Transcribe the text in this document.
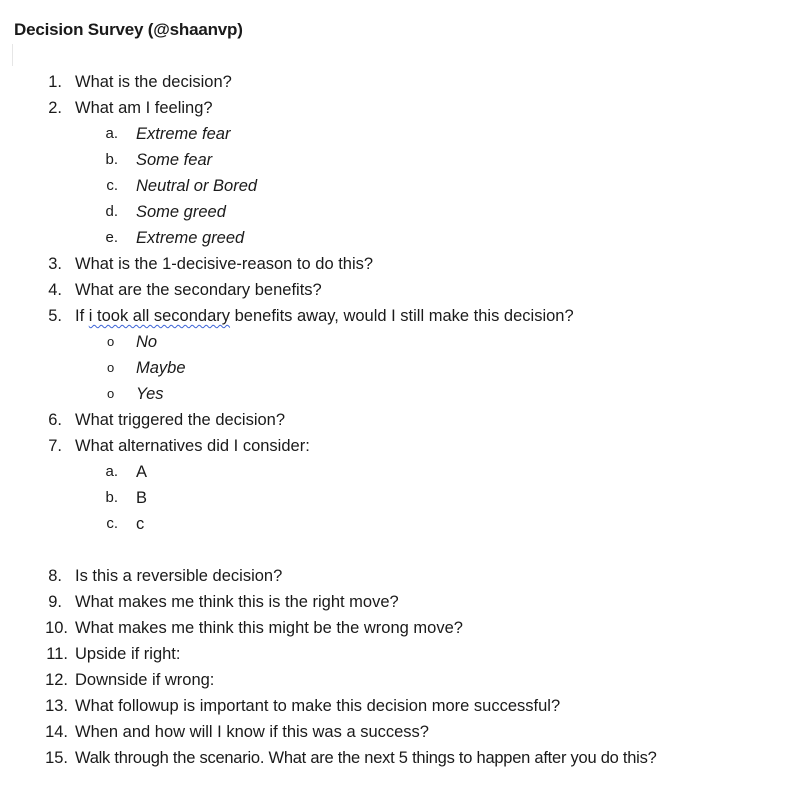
Decision Survey (@shaanvp)
1. What is the decision?
2. What am I feeling?
a. Extreme fear
b. Some fear
c. Neutral or Bored
d. Some greed
e. Extreme greed
3. What is the 1-decisive-reason to do this?
4. What are the secondary benefits?
5. If i took all secondary benefits away, would I still make this decision?
o No
o Maybe
o Yes
6. What triggered the decision?
7. What alternatives did I consider:
a. A
b. B
c. c
8. Is this a reversible decision?
9. What makes me think this is the right move?
10. What makes me think this might be the wrong move?
11. Upside if right:
12. Downside if wrong:
13. What followup is important to make this decision more successful?
14. When and how will I know if this was a success?
15. Walk through the scenario. What are the next 5 things to happen after you do this?
